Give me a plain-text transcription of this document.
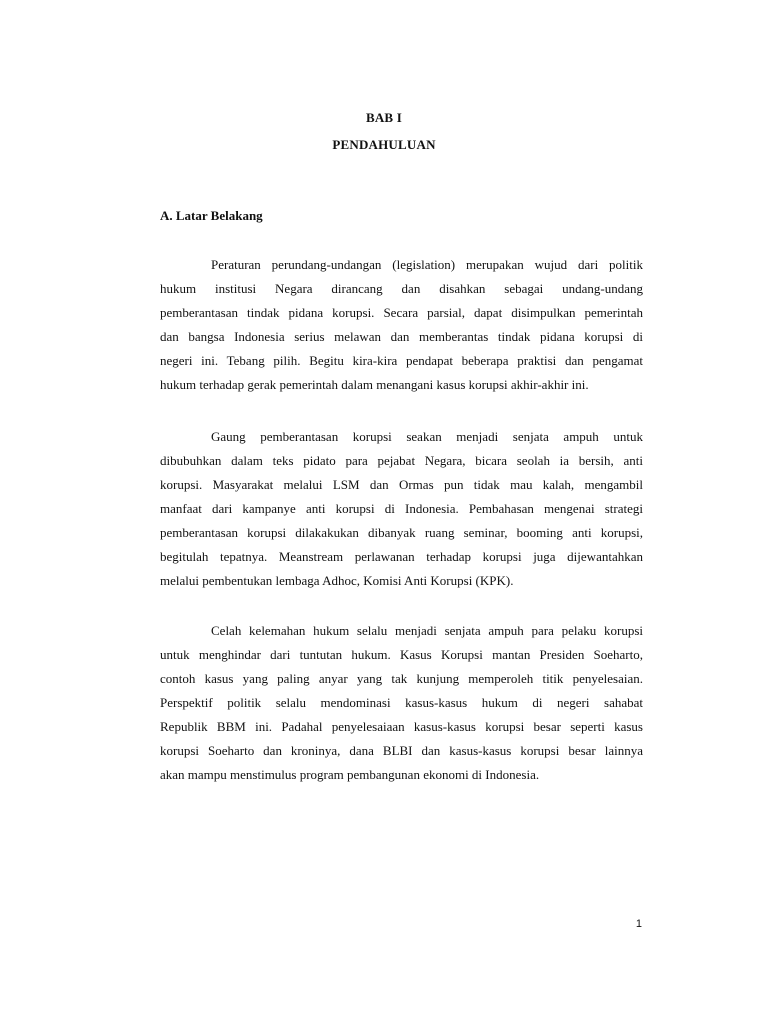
BAB I
PENDAHULUAN
A. Latar Belakang
Peraturan perundang-undangan (legislation) merupakan wujud dari politik
hukum institusi Negara dirancang dan disahkan sebagai undang-undang
pemberantasan tindak pidana korupsi. Secara parsial, dapat disimpulkan pemerintah
dan bangsa Indonesia serius melawan dan memberantas tindak pidana korupsi di
negeri ini. Tebang pilih. Begitu kira-kira pendapat beberapa praktisi dan pengamat
hukum terhadap gerak pemerintah dalam menangani kasus korupsi akhir-akhir ini.
Gaung pemberantasan korupsi seakan menjadi senjata ampuh untuk
dibubuhkan dalam teks pidato para pejabat Negara, bicara seolah ia bersih, anti
korupsi. Masyarakat melalui LSM dan Ormas pun tidak mau kalah, mengambil
manfaat dari kampanye anti korupsi di Indonesia. Pembahasan mengenai strategi
pemberantasan korupsi dilakakukan dibanyak ruang seminar, booming anti korupsi,
begitulah tepatnya. Meanstream perlawanan terhadap korupsi juga dijewantahkan
melalui pembentukan lembaga Adhoc, Komisi Anti Korupsi (KPK).
Celah kelemahan hukum selalu menjadi senjata ampuh para pelaku korupsi
untuk menghindar dari tuntutan hukum. Kasus Korupsi mantan Presiden Soeharto,
contoh kasus yang paling anyar yang tak kunjung memperoleh titik penyelesaian.
Perspektif politik selalu mendominasi kasus-kasus hukum di negeri sahabat
Republik BBM ini. Padahal penyelesaiaan kasus-kasus korupsi besar seperti kasus
korupsi Soeharto dan kroninya, dana BLBI dan kasus-kasus korupsi besar lainnya
akan mampu menstimulus program pembangunan ekonomi di Indonesia.
1
